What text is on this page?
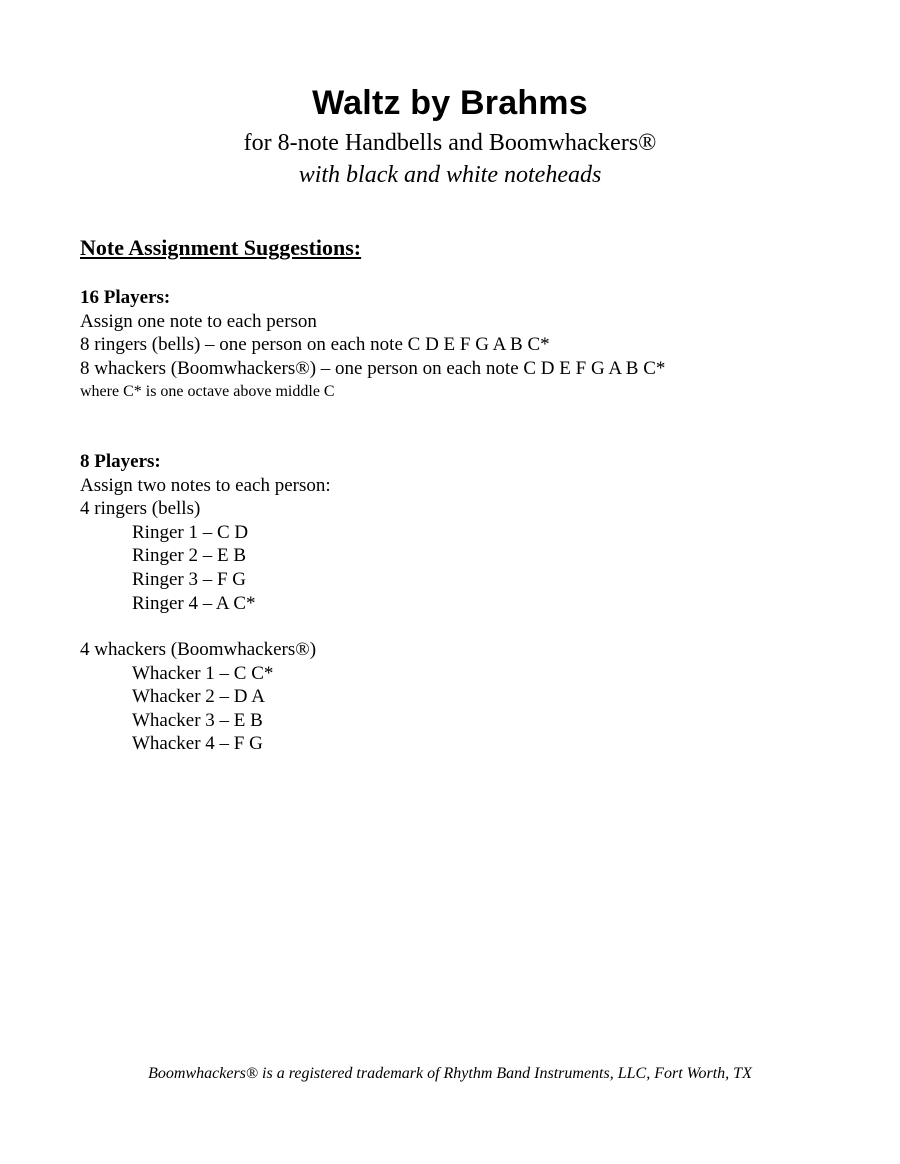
Waltz by Brahms
for 8-note Handbells and Boomwhackers®
with black and white noteheads
Note Assignment Suggestions:
16 Players:
Assign one note to each person
8 ringers (bells) – one person on each note C D E F G A B C*
8 whackers (Boomwhackers®) – one person on each note C D E F G A B C*
where C* is one octave above middle C
8 Players:
Assign two notes to each person:
4 ringers (bells)
Ringer 1 – C D
Ringer 2 – E B
Ringer 3 – F G
Ringer 4 – A C*
4 whackers (Boomwhackers®)
Whacker 1 – C C*
Whacker 2 – D A
Whacker 3 – E B
Whacker 4 – F G
Boomwhackers® is a registered trademark of Rhythm Band Instruments, LLC, Fort Worth, TX
